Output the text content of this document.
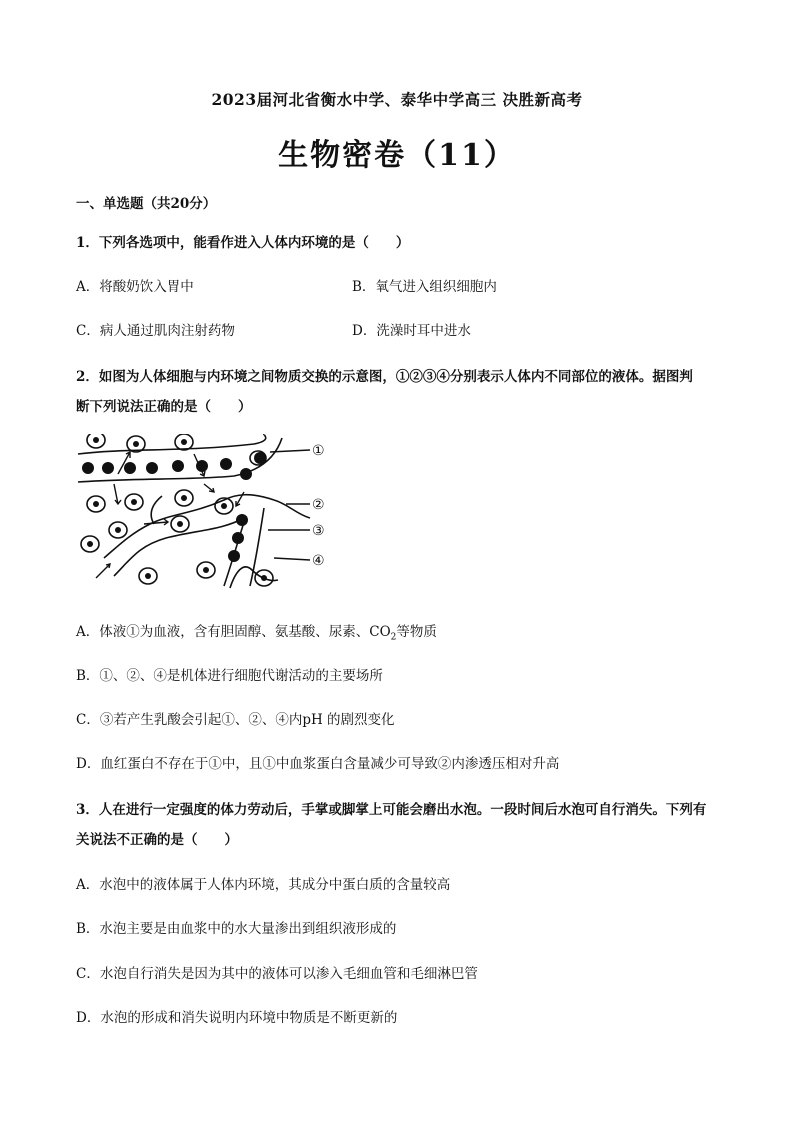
2023届河北省衡水中学、泰华中学高三 决胜新高考
生物密卷（11）
一、单选题（共20分）
1．下列各选项中，能看作进入人体内环境的是（　　）
A．将酸奶饮入胃中	B．氧气进入组织细胞内
C．病人通过肌肉注射药物	D．洗澡时耳中进水
2．如图为人体细胞与内环境之间物质交换的示意图，①②③④分别表示人体内不同部位的液体。据图判
断下列说法正确的是（　　）
①
②
③
④
A．体液①为血液，含有胆固醇、氨基酸、尿素、$CO_2$等物质
B．①、②、④是机体进行细胞代谢活动的主要场所
C．③若产生乳酸会引起①、②、④内pH 的剧烈变化
D．血红蛋白不存在于①中，且①中血浆蛋白含量减少可导致②内渗透压相对升高
3．人在进行一定强度的体力劳动后，手掌或脚掌上可能会磨出水泡。一段时间后水泡可自行消失。下列有
关说法不正确的是（　　）
A．水泡中的液体属于人体内环境，其成分中蛋白质的含量较高
B．水泡主要是由血浆中的水大量渗出到组织液形成的
C．水泡自行消失是因为其中的液体可以渗入毛细血管和毛细淋巴管
D．水泡的形成和消失说明内环境中物质是不断更新的
